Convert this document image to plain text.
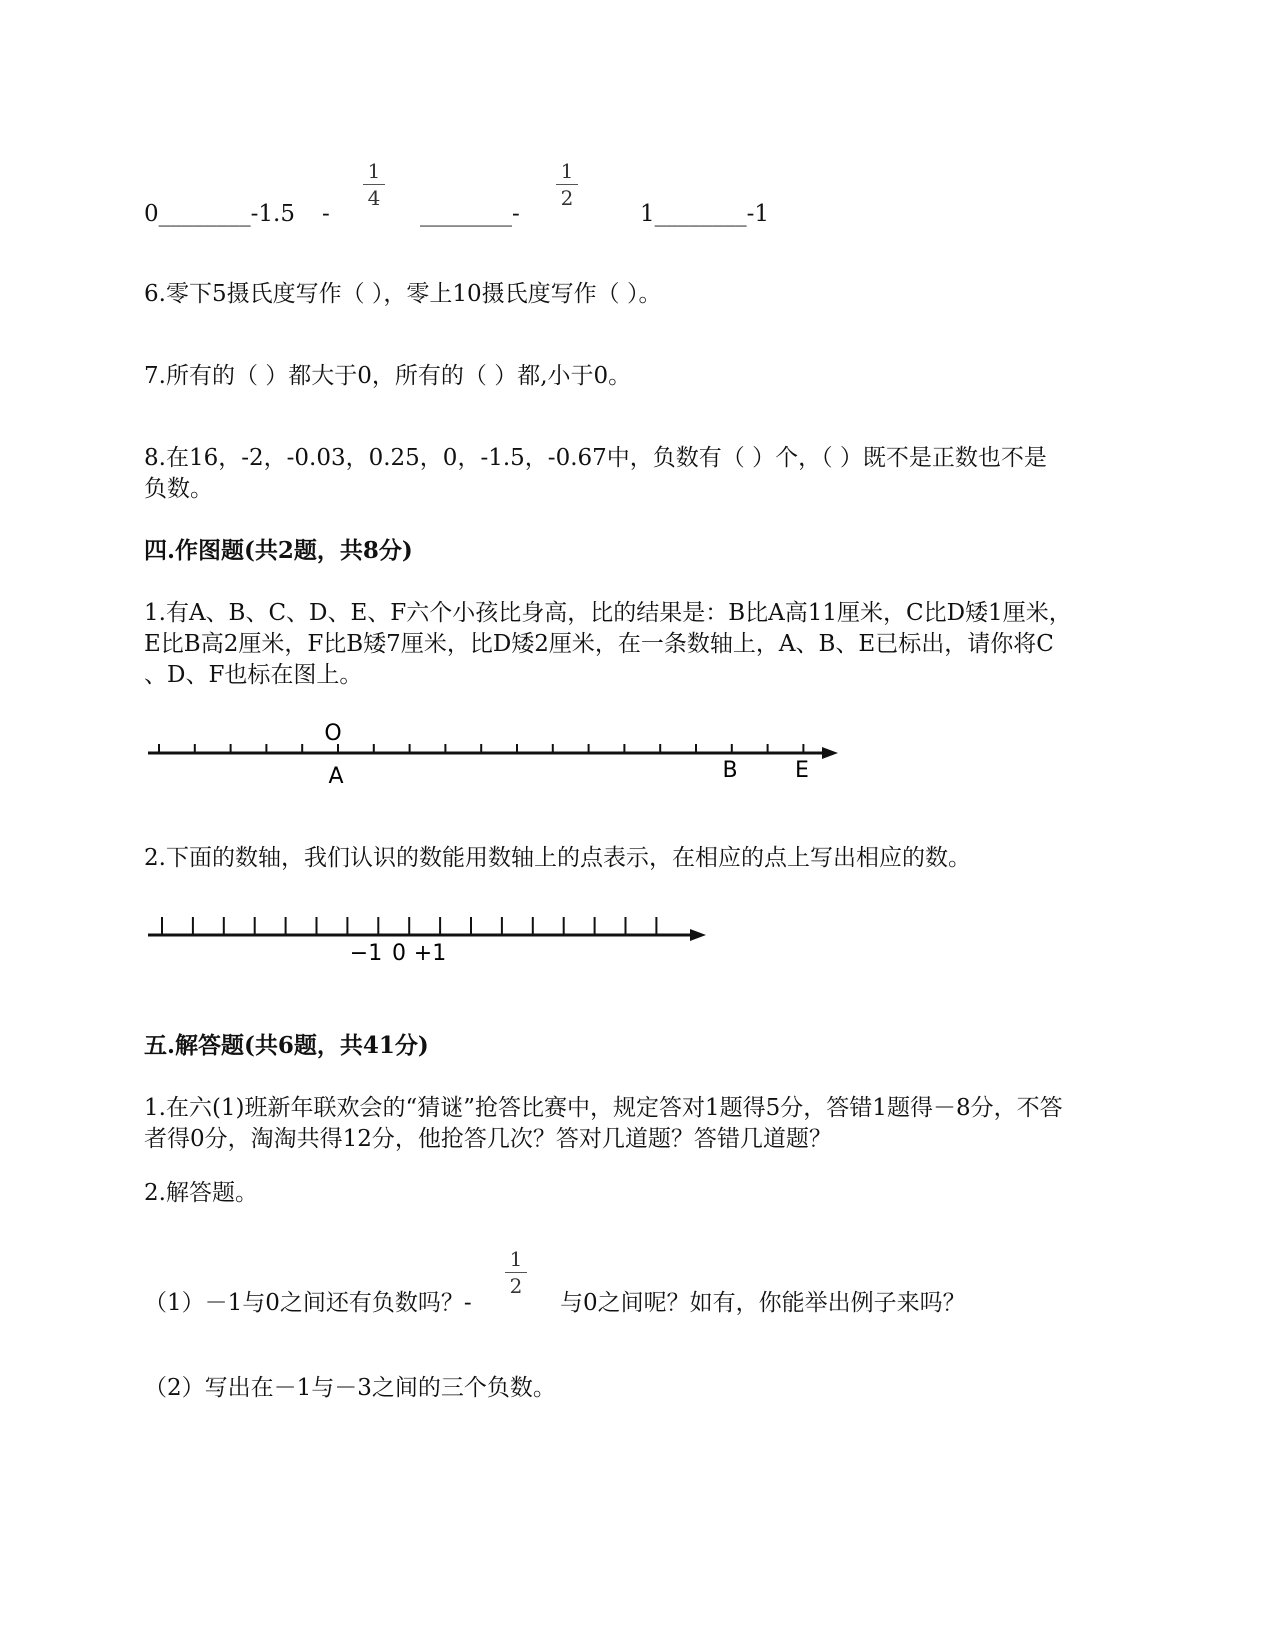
0________-1.5 -
1
4
________-
1
2
1________-1
6.零下5摄氏度写作（ ），零上10摄氏度写作（ ）。
7.所有的（ ）都大于0，所有的（ ）都,小于0。
8.在16，-2，-0.03，0.25，0，-1.5，-0.67中，负数有（ ）个，（ ）既不是正数也不是
负数。
四.作图题(共2题，共8分)
1.有A、B、C、D、E、F六个小孩比身高，比的结果是：B比A高11厘米，C比D矮1厘米，
E比B高2厘米，F比B矮7厘米，比D矮2厘米，在一条数轴上，A、B、E已标出，请你将C
、D、F也标在图上。
O
A	B	E
2.下面的数轴，我们认识的数能用数轴上的点表示，在相应的点上写出相应的数。
−1 0 +1
五.解答题(共6题，共41分)
1.在六(1)班新年联欢会的“猜谜”抢答比赛中，规定答对1题得5分，答错1题得－8分，不答
者得0分，淘淘共得12分，他抢答几次？答对几道题？答错几道题？
2.解答题。
（1）－1与0之间还有负数吗？-
1
2
与0之间呢？如有，你能举出例子来吗？
（2）写出在－1与－3之间的三个负数。
